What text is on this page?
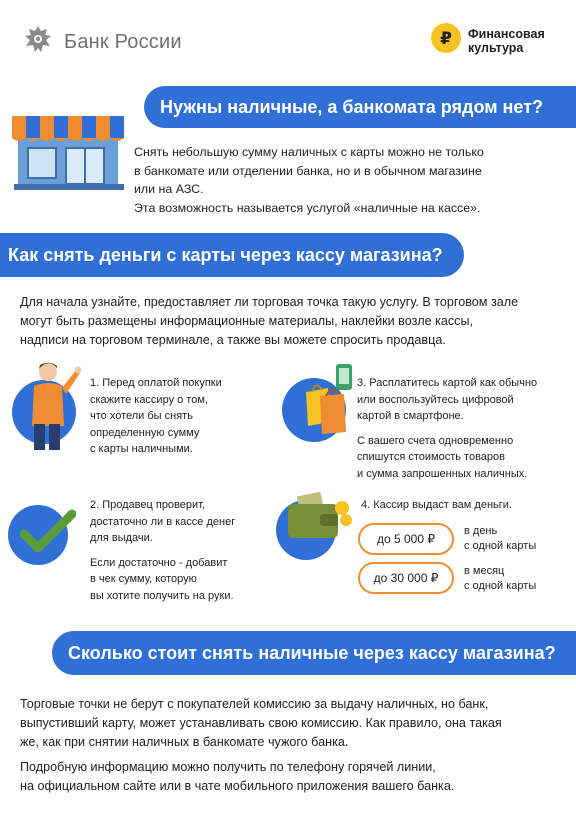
Банк России	₽ Финансовая
культура
Нужны наличные, а банкомата рядом нет?

Снять небольшую сумму наличных с карты можно не только

в банкомате или отделении банка, но и в обычном магазине

или на АЗС.

Эта возможность называется услугой «наличные на кассе».

Как снять деньги с карты через кассу магазина?
Для начала узнайте, предоставляет ли торговая точка такую услугу. В торговом зале
могут быть размещены информационные материалы, наклейки возле кассы,
надписи на торговом терминале, а также вы можете спросить продавца.
1. Перед оплатой покупки
скажите кассиру о том,
что хотели бы снять
определенную сумму
с карты наличными.

3. Расплатитесь картой как обычно
или воспользуйтесь цифровой
картой в смартфоне.

С вашего счета одновременно
спишутся стоимость товаров
и сумма запрошенных наличных.

2. Продавец проверит,
достаточно ли в кассе денег
для выдачи.

Если достаточно - добавит
в чек сумму, которую
вы хотите получить на руки.

4. Кассир выдаст вам деньги.
до 5 000 ₽
в день
с одной карты
до 30 000 ₽	в месяц
с одной карты
Сколько стоит снять наличные через кассу магазина?
Торговые точки не берут с покупателей комиссию за выдачу наличных, но банк,
выпустивший карту, может устанавливать свою комиссию. Как правило, она такая
же, как при снятии наличных в банкомате чужого банка.
Подробную информацию можно получить по телефону горячей линии,
на официальном сайте или в чате мобильного приложения вашего банка.
